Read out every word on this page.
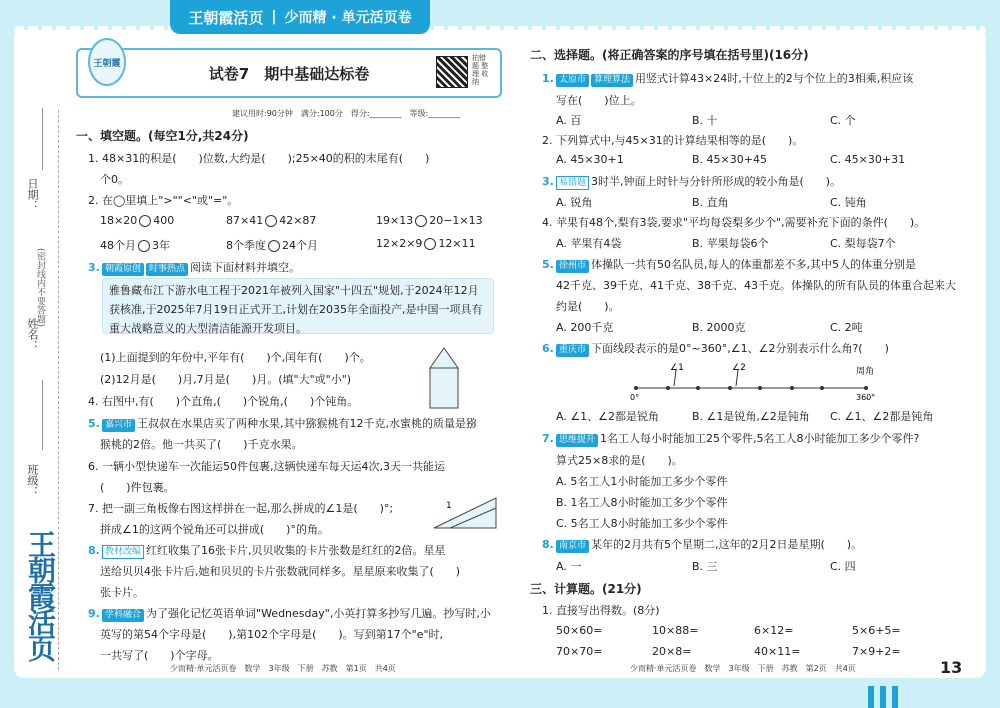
王朝霞活页 | 少而精 · 单元活页卷
日期：
(密封线内不要答题)
姓名：
班级：
王朝霞活页
王朝霞
试卷7　期中基础达标卷
拍错题 整理 收纳
建议用时:90分钟　满分:100分　得分:________　等级:________
一、填空题。(每空1分,共24分)
1. 48×31的积是(　　)位数,大约是(　　);25×40的积的末尾有(　　)
个0。
2. 在◯里填上">""<"或"="。
18×20 400	87×41 42×87	19×13 20−1×13
48个月 3年	8个季度 24个月	12×2×9 12×11
3. 朝霞原创 时事热点 阅读下面材料并填空。
雅鲁藏布江下游水电工程于2021年被列入国家"十四五"规划,于2024年12月获核准,于2025年7月19日正式开工,计划在2035年全面投产,是中国一项具有重大战略意义的大型清洁能源开发项目。
(1)上面提到的年份中,平年有(　　)个,闰年有(　　)个。
(2)12月是(　　)月,7月是(　　)月。(填"大"或"小")
4. 右图中,有(　　)个直角,(　　)个锐角,(　　)个钝角。
5. 嘉兴市 王叔叔在水果店买了两种水果,其中猕猴桃有12千克,水蜜桃的质量是猕
猴桃的2倍。他一共买了(　　)千克水果。
6. 一辆小型快递车一次能运50件包裹,这辆快递车每天运4次,3天一共能运
(　　)件包裹。
7. 把一副三角板像右图这样拼在一起,那么拼成的∠1是(　　)°;
拼成∠1的这两个锐角还可以拼成(　　)°的角。
1
8. 教材改编 红红收集了16张卡片,贝贝收集的卡片张数是红红的2倍。星星
送给贝贝4张卡片后,她和贝贝的卡片张数就同样多。星星原来收集了(　　)
张卡片。
9. 学科融合 为了强化记忆英语单词"Wednesday",小英打算多抄写几遍。抄写时,小
英写的第54个字母是(　　),第102个字母是(　　)。写到第17个"e"时,
一共写了(　　)个字母。
二、选择题。(将正确答案的序号填在括号里)(16分)
1. 太原市 算理算法 用竖式计算43×24时,十位上的2与个位上的3相乘,积应该
写在(　　)位上。
A. 百	B. 十	C. 个
2. 下列算式中,与45×31的计算结果相等的是(　　)。
A. 45×30+1	B. 45×30+45	C. 45×30+31
3. 易错题 3时半,钟面上时针与分针所形成的较小角是(　　)。
A. 锐角	B. 直角	C. 钝角
4. 苹果有48个,梨有3袋,要求"平均每袋梨多少个",需要补充下面的条件(　　)。
A. 苹果有4袋	B. 苹果每袋6个	C. 梨每袋7个
5. 徐州市 体操队一共有50名队员,每人的体重都差不多,其中5人的体重分别是
42千克、39千克、41千克、38千克、43千克。体操队的所有队员的体重合起来大
约是(　　)。
A. 200千克	B. 2000克	C. 2吨
6. 重庆市 下面线段表示的是0°~360°,∠1、∠2分别表示什么角?(　　)
∠1	∠2	周角
0°	360°
A. ∠1、∠2都是锐角	B. ∠1是锐角,∠2是钝角 C. ∠1、∠2都是钝角
7. 思维提升 1名工人每小时能加工25个零件,5名工人8小时能加工多少个零件?
算式25×8求的是(　　)。
A. 5名工人1小时能加工多少个零件
B. 1名工人8小时能加工多少个零件
C. 5名工人8小时能加工多少个零件
8. 南京市 某年的2月共有5个星期二,这年的2月2日是星期(　　)。
A. 一	B. 三	C. 四
三、计算题。(21分)
1. 直接写出得数。(8分)
50×60=	10×88=	6×12=	5×6+5=
70×70=	20×8=	40×11=	7×9+2=
少而精·单元活页卷　数学　3年级　下册　苏教　第1页　共4页	少而精·单元活页卷　数学　3年级　下册　苏教　第2页　共4页	13
